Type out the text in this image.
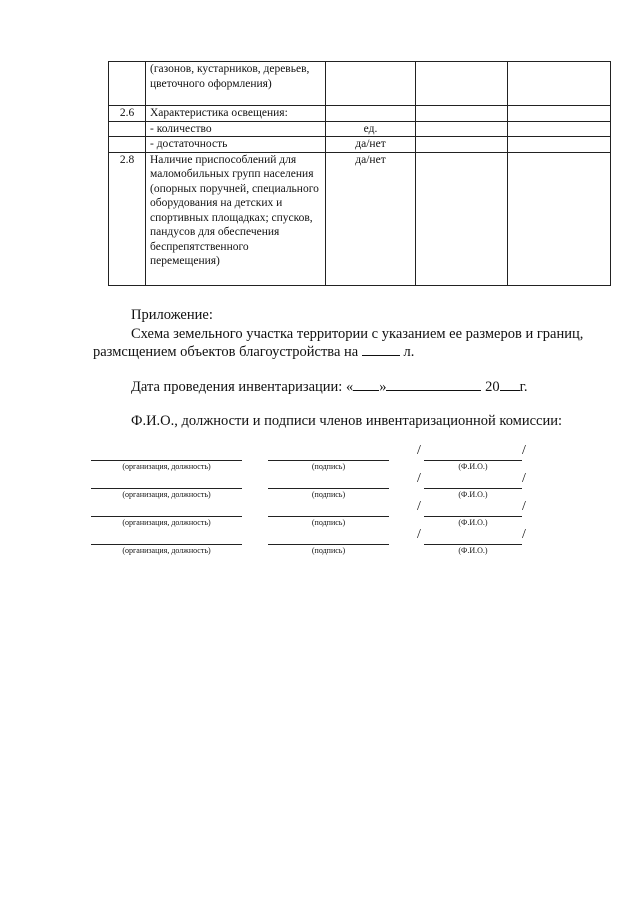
	(газонов, кустарников, деревьев, цветочного оформления)			
2.6	Характеристика освещения:			
	- количество	ед.		
	- достаточность	да/нет		
2.8	Наличие приспособлений для маломобильных групп населения (опорных поручней, специального оборудования на детских и спортивных площадках; спусков, пандусов для обеспечения беспрепятственного перемещения)	да/нет		
Приложение:
Схема земельного участка территории с указанием ее размеров и границ,
размсщением объектов благоустройства на	л.
Дата проведения инвентаризации: « »	20 г.
Ф.И.О., должности и подписи членов инвентаризационной комиссии:
(организация, должность)	(подпись)
/	/
(Ф.И.О.)
(организация, должность)	(подпись)
/	/
(Ф.И.О.)
(организация, должность)	(подпись)
/	/
(Ф.И.О.)
(организация, должность)	(подпись)
/	/
(Ф.И.О.)
